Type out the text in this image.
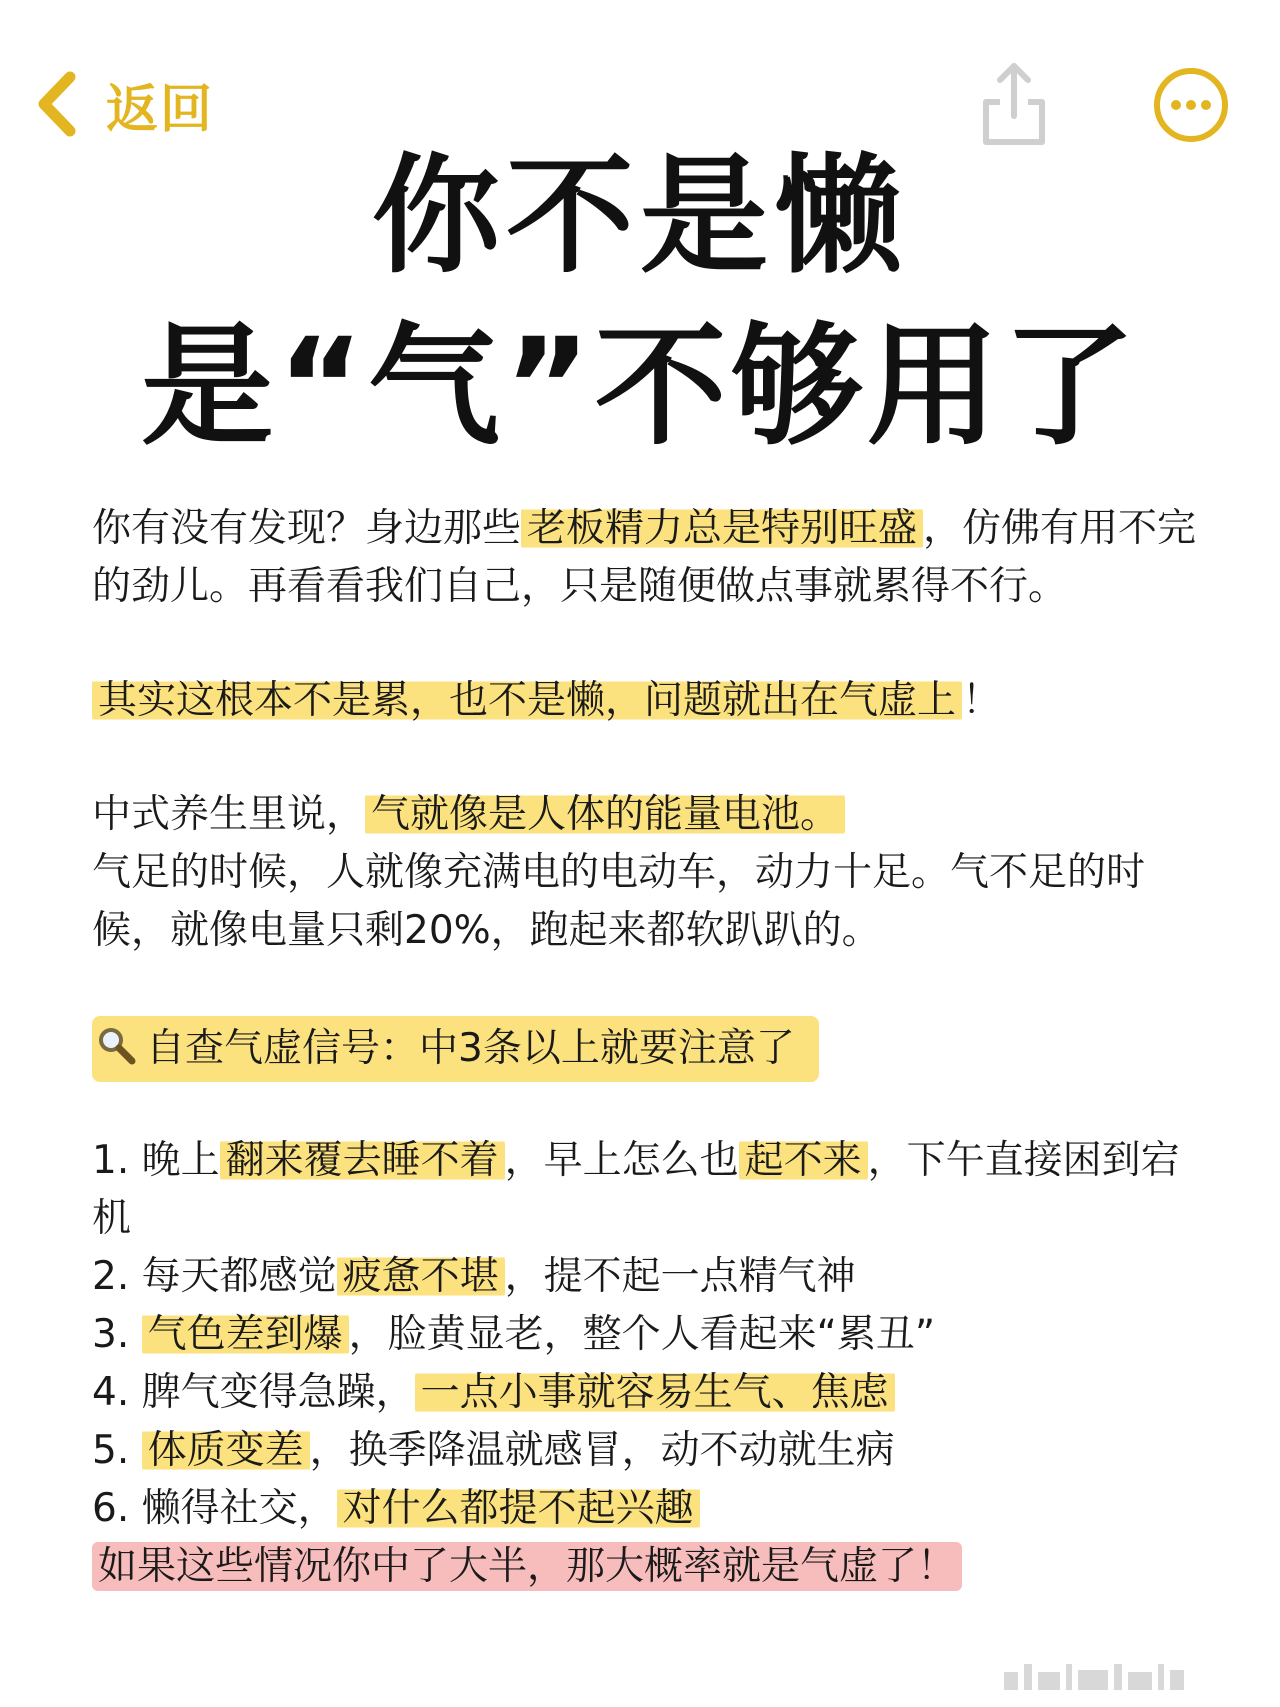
返回
你不是懒
是“气”不够用了

你有没有发现？身边那些 老板精力总是特别旺盛 ，仿佛有用不完的劲儿。再看看我们自己，只是随便做点事就累得不行。

其实这根本不是累，也不是懒，问题就出在气虚上 ！

中式养生里说， 气就像是人体的能量电池。
气足的时候，人就像充满电的电动车，动力十足。气不足的时候，就像电量只剩20%，跑起来都软趴趴的。

自查气虚信号：中3条以上就要注意了

1. 晚上 翻来覆去睡不着 ，早上怎么也 起不来 ，下午直接困到宕机
2. 每天都感觉 疲惫不堪 ，提不起一点精气神
3. 气色差到爆 ，脸黄显老，整个人看起来“累丑”
4. 脾气变得急躁， 一点小事就容易生气、焦虑
5. 体质变差 ，换季降温就感冒，动不动就生病
6. 懒得社交， 对什么都提不起兴趣

如果这些情况你中了大半，那大概率就是气虚了！
